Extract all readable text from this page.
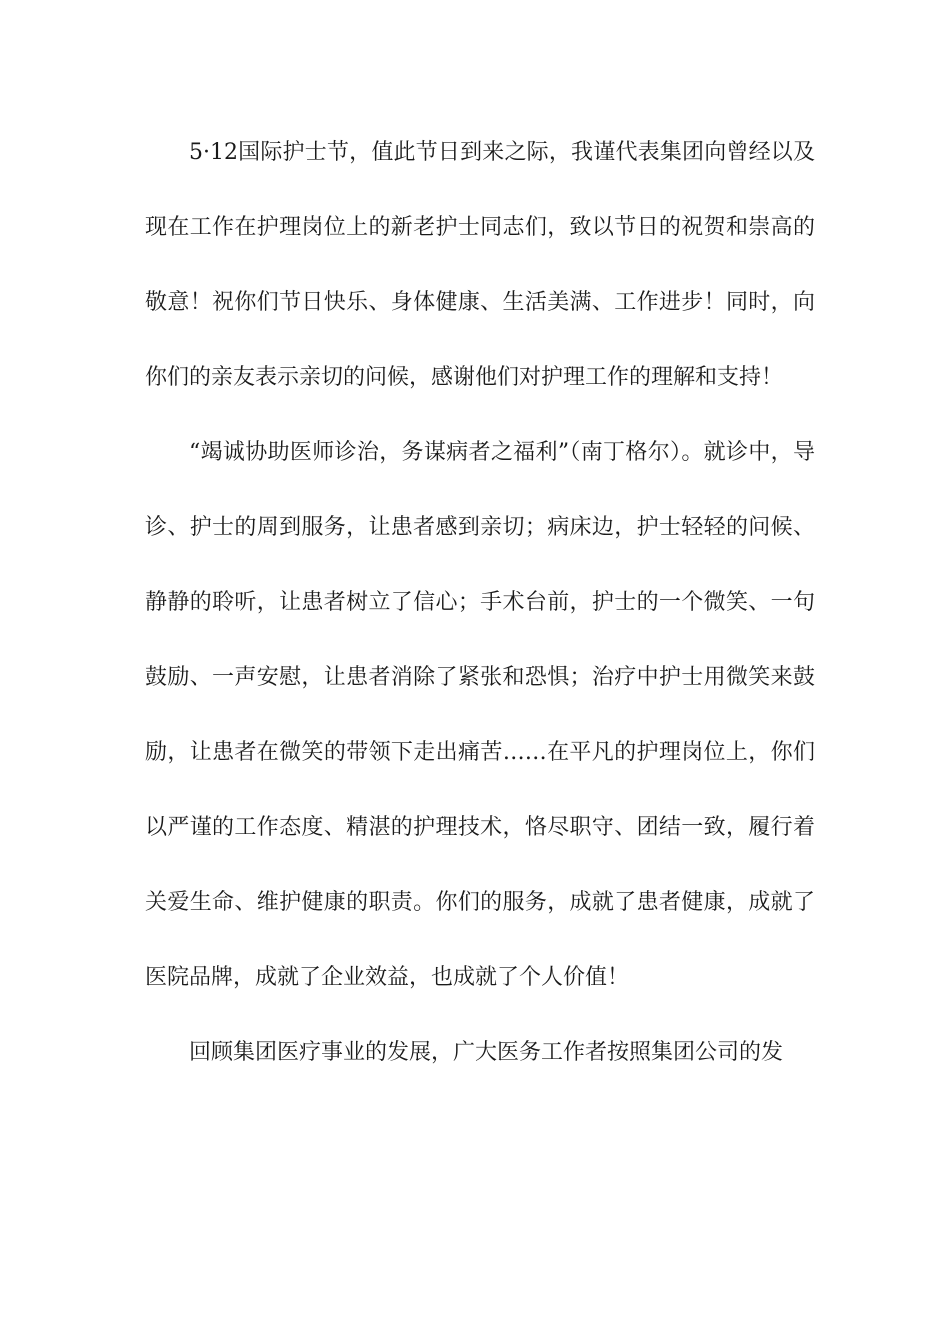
5·12国际护士节，值此节日到来之际，我谨代表集团向曾经以及现在工作在护理岗位上的新老护士同志们，致以节日的祝贺和崇高的敬意！祝你们节日快乐、身体健康、生活美满、工作进步！同时，向你们的亲友表示亲切的问候，感谢他们对护理工作的理解和支持！

“竭诚协助医师诊治，务谋病者之福利”（南丁格尔）。就诊中，导诊、护士的周到服务，让患者感到亲切；病床边，护士轻轻的问候、静静的聆听，让患者树立了信心；手术台前，护士的一个微笑、一句鼓励、一声安慰，让患者消除了紧张和恐惧；治疗中护士用微笑来鼓励，让患者在微笑的带领下走出痛苦……在平凡的护理岗位上，你们以严谨的工作态度、精湛的护理技术，恪尽职守、团结一致，履行着关爱生命、维护健康的职责。你们的服务，成就了患者健康，成就了医院品牌，成就了企业效益，也成就了个人价值！

回顾集团医疗事业的发展，广大医务工作者按照集团公司的发
